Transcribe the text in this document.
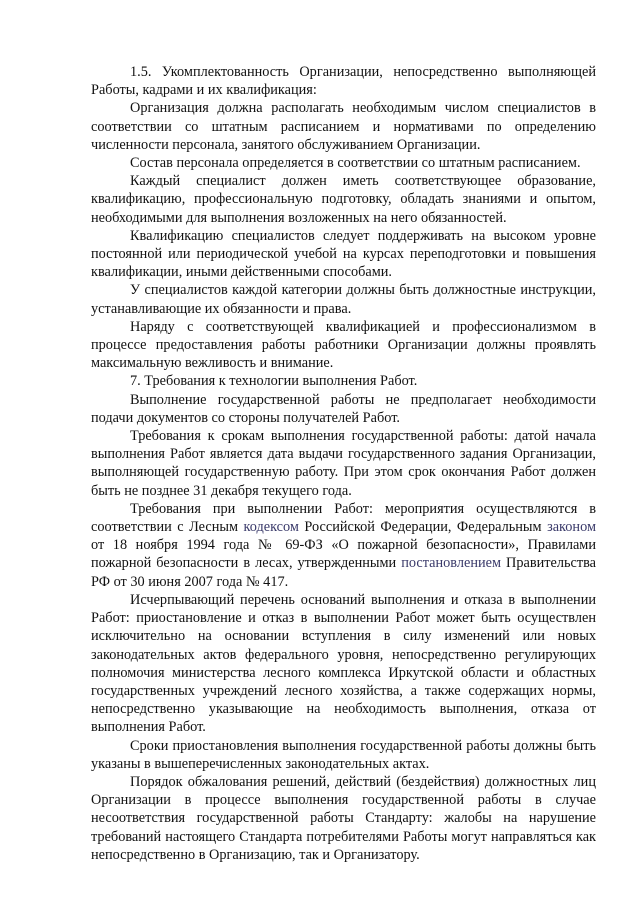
1.5. Укомплектованность Организации, непосредственно выполняющей Работы, кадрами и их квалификация:

Организация должна располагать необходимым числом специалистов в соответствии со штатным расписанием и нормативами по определению численности персонала, занятого обслуживанием Организации.

Состав персонала определяется в соответствии со штатным расписанием.

Каждый специалист должен иметь соответствующее образование, квалификацию, профессиональную подготовку, обладать знаниями и опытом, необходимыми для выполнения возложенных на него обязанностей.

Квалификацию специалистов следует поддерживать на высоком уровне постоянной или периодической учебой на курсах переподготовки и повышения квалификации, иными действенными способами.

У специалистов каждой категории должны быть должностные инструкции, устанавливающие их обязанности и права.

Наряду с соответствующей квалификацией и профессионализмом в процессе предоставления работы работники Организации должны проявлять максимальную вежливость и внимание.

7. Требования к технологии выполнения Работ.

Выполнение государственной работы не предполагает необходимости подачи документов со стороны получателей Работ.

Требования к срокам выполнения государственной работы: датой начала выполнения Работ является дата выдачи государственного задания Организации, выполняющей государственную работу. При этом срок окончания Работ должен быть не позднее 31 декабря текущего года.

Требования при выполнении Работ: мероприятия осуществляются в соответствии с Лесным кодексом Российской Федерации, Федеральным законом от 18 ноября 1994 года № 69-ФЗ «О пожарной безопасности», Правилами пожарной безопасности в лесах, утвержденными постановлением Правительства РФ от 30 июня 2007 года № 417.

Исчерпывающий перечень оснований выполнения и отказа в выполнении Работ: приостановление и отказ в выполнении Работ может быть осуществлен исключительно на основании вступления в силу изменений или новых законодательных актов федерального уровня, непосредственно регулирующих полномочия министерства лесного комплекса Иркутской области и областных государственных учреждений лесного хозяйства, а также содержащих нормы, непосредственно указывающие на необходимость выполнения, отказа от выполнения Работ.

Сроки приостановления выполнения государственной работы должны быть указаны в вышеперечисленных законодательных актах.

Порядок обжалования решений, действий (бездействия) должностных лиц Организации в процессе выполнения государственной работы в случае несоответствия государственной работы Стандарту: жалобы на нарушение требований настоящего Стандарта потребителями Работы могут направляться как непосредственно в Организацию, так и Организатору.
